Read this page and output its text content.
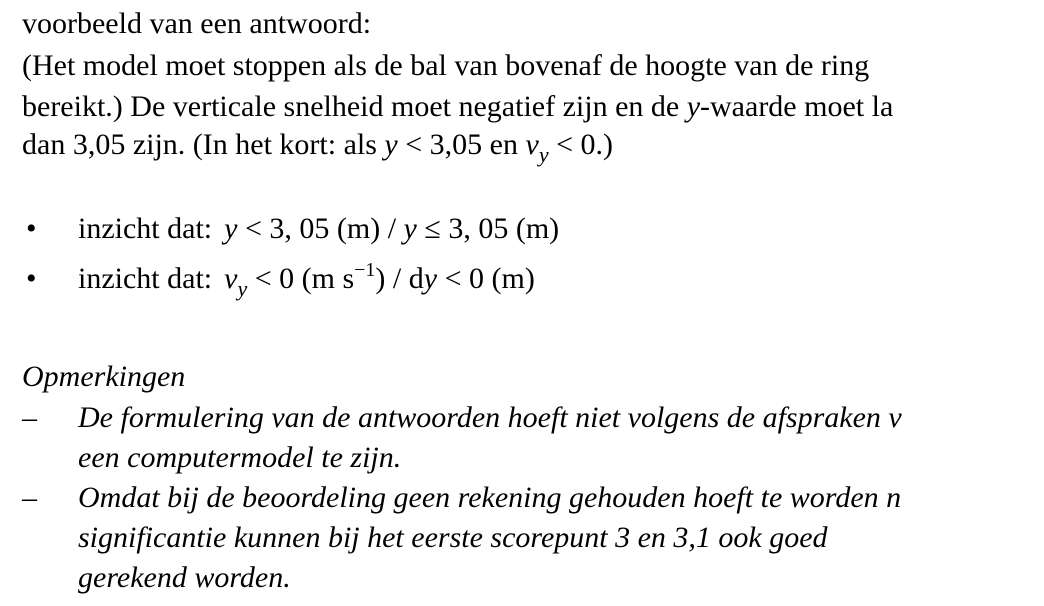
voorbeeld van een antwoord:
(Het model moet stoppen als de bal van bovenaf de hoogte van de ring
bereikt.) De verticale snelheid moet negatief zijn en de y-waarde moet la
dan 3,05 zijn. (In het kort: als y < 3,05 en $v_y < 0$.)
• inzicht dat: y < 3, 05 (m) / y ≤ 3, 05 (m)
• inzicht dat: $v_y < 0$ (m $s^{-1}$) / dy < 0 (m)
Opmerkingen
– De formulering van de antwoorden hoeft niet volgens de afspraken v
een computermodel te zijn.
– Omdat bij de beoordeling geen rekening gehouden hoeft te worden n
significantie kunnen bij het eerste scorepunt 3 en 3,1 ook goed
gerekend worden.
